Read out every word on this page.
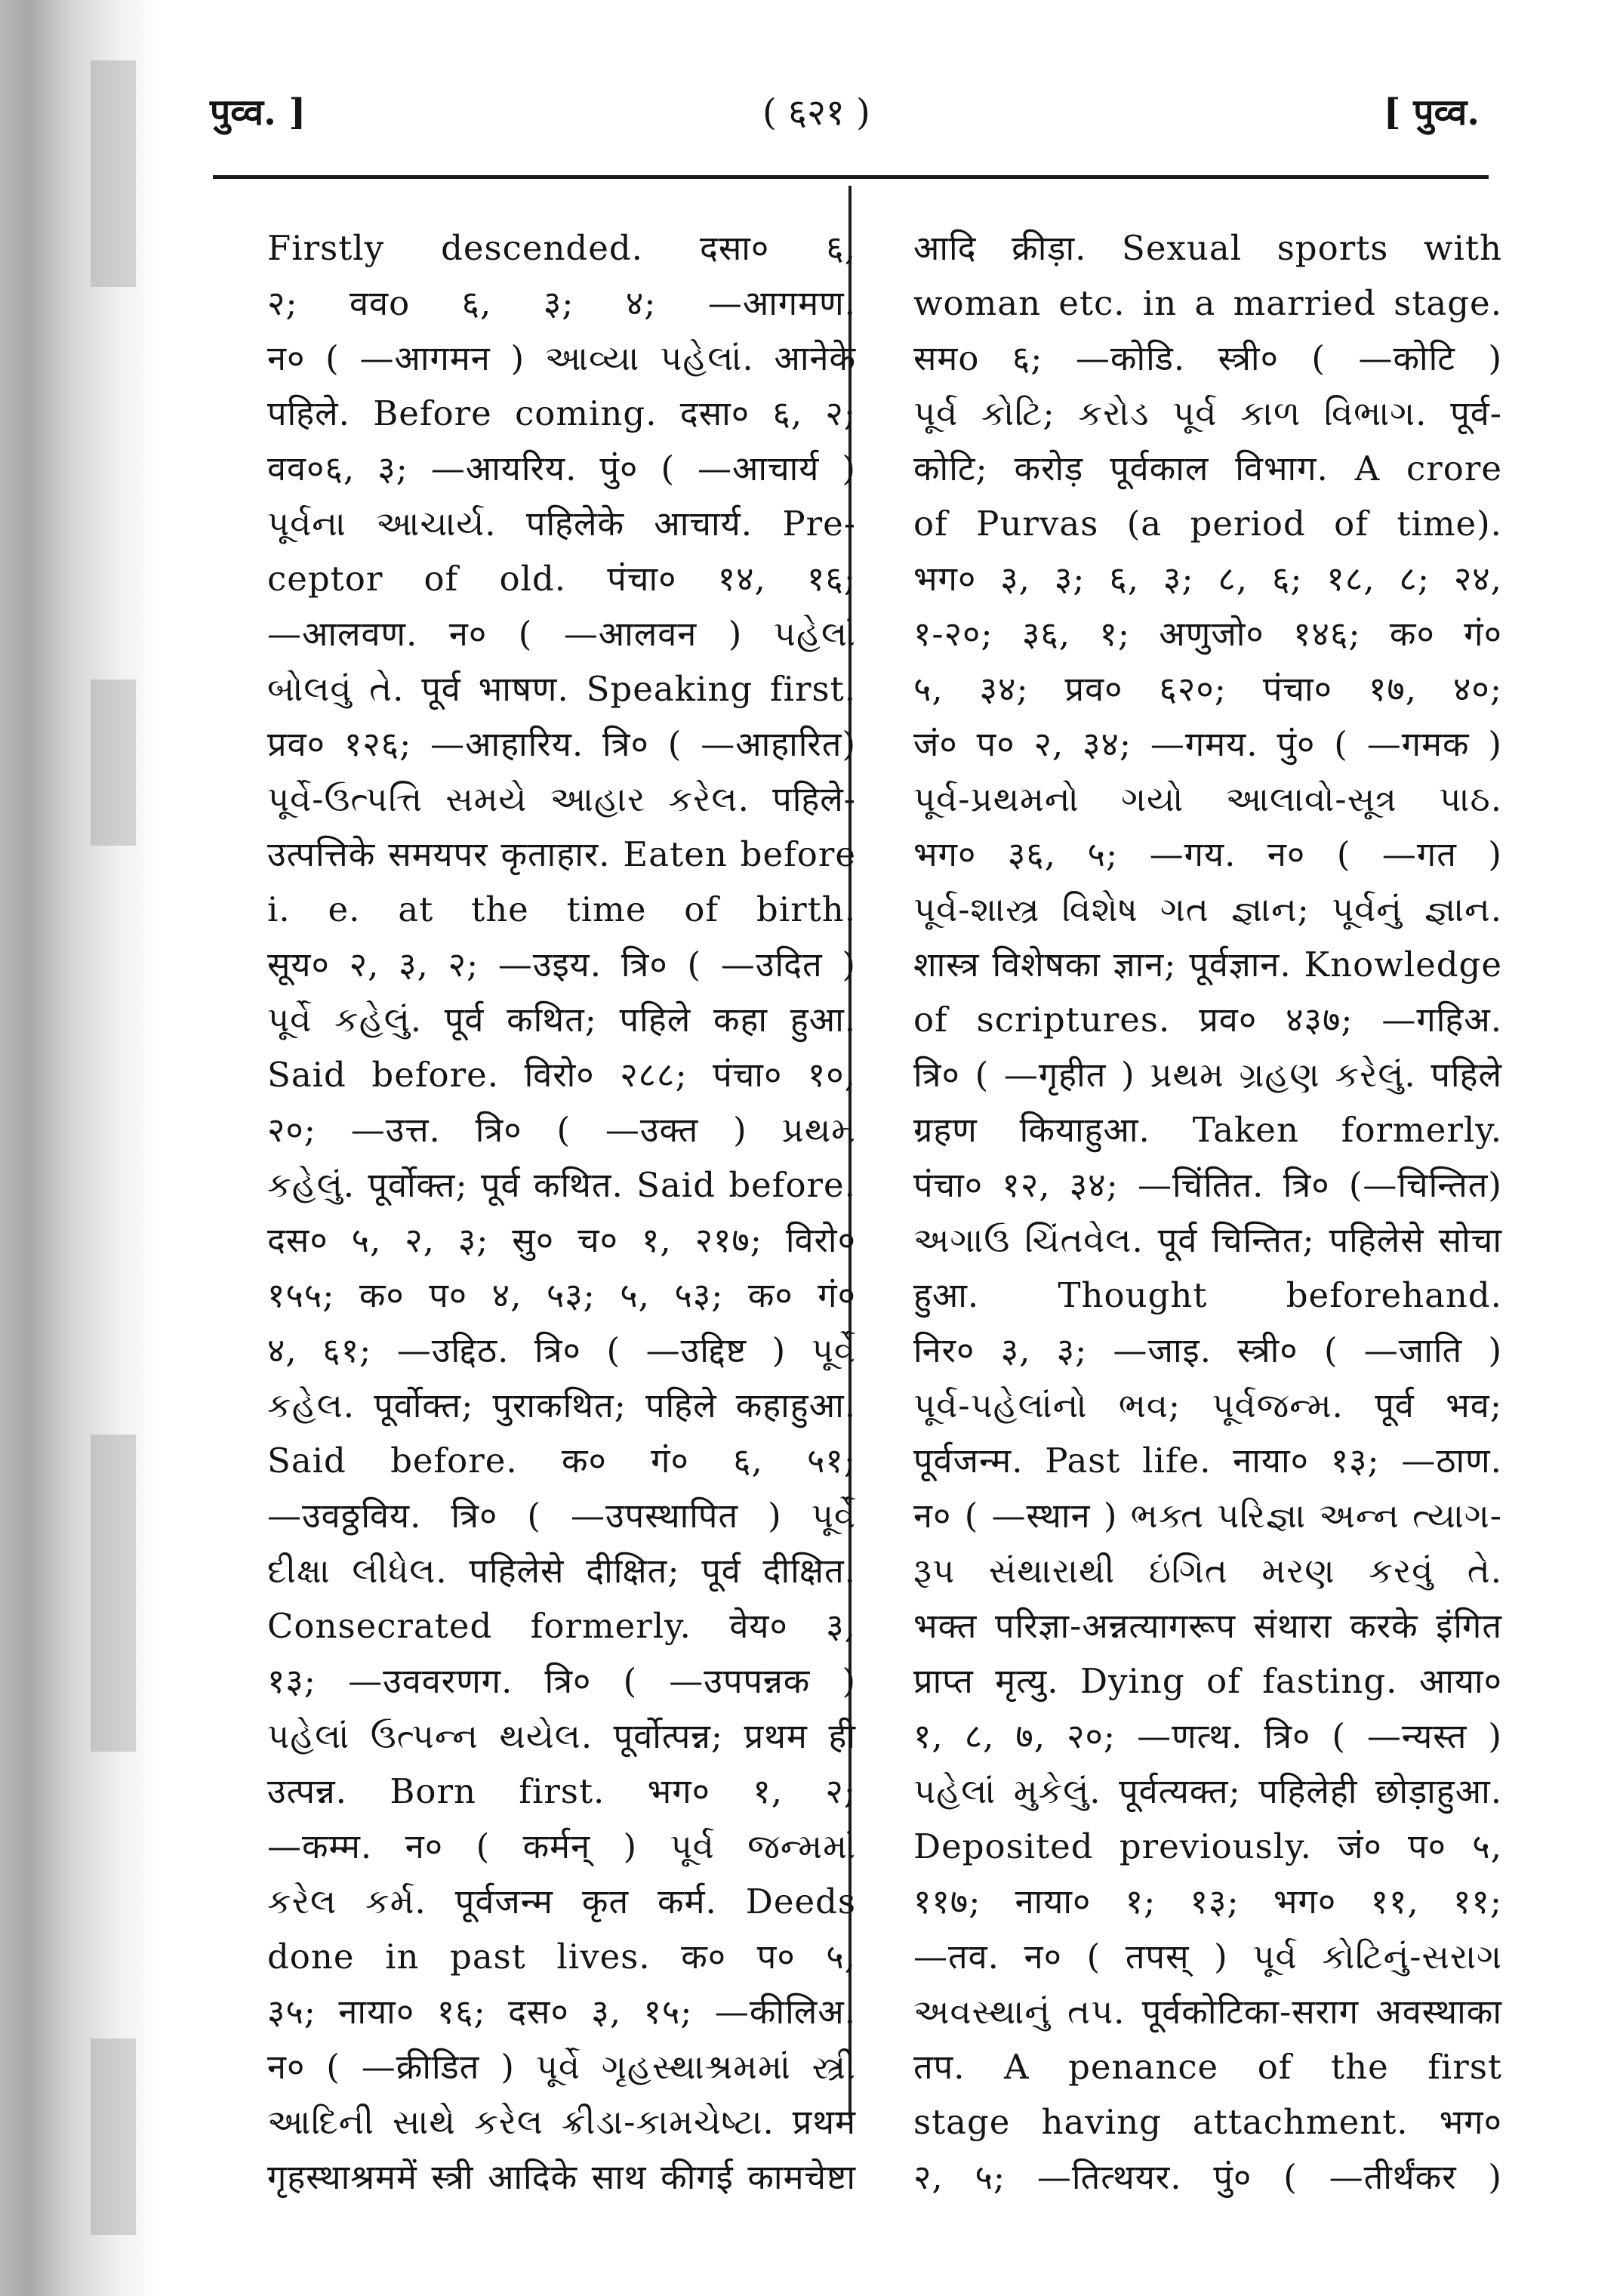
पुव्व. ]	( ६२१ )	[ पुव्व.
Firstly descended. दसा० ६,
२; ववo ६, ३; ४; —आगमण.
न० ( —आगमन ) આવ્યા પહેલાં. आनेके
पहिले. Before coming. दसा० ६, २;
वव०६, ३; —आयरिय. पुं० ( —आचार्य )
પૂર્વના આચાર્ય. पहिलेके आचार्य. Pre-
ceptor of old. पंचा० १४, १६;
—आलवण. न० ( —आलवन ) પહેલાં
બોલવું તે. पूर्व भाषण. Speaking first.
प्रव० १२६; —आहारिय. त्रि० ( —आहारित)
પૂર્વે-ઉત્પત્તિ સમયે આહાર કરેલ. पहिले-
उत्पत्तिके समयपर कृताहार. Eaten before
i. e. at the time of birth.
सूय० २, ३, २; —उइय. त्रि० ( —उदित )
પૂર્વે કહેલું. पूर्व कथित; पहिले कहा हुआ.
Said before. विरो० २८८; पंचा० १०,
२०; —उत्त. त्रि० ( —उक्त ) પ્રથમ
કહેલું. पूर्वोक्त; पूर्व कथित. Said before.
दस० ५, २, ३; सु० च० १, २१७; विरो०
१५५; क० प० ४, ५३; ५, ५३; क० गं०
४, ६१; —उद्दिठ. त्रि० ( —उद्दिष्ट ) પૂર્વે
કહેલ. पूर्वोक्त; पुराकथित; पहिले कहाहुआ.
Said before. क० गं० ६, ५१;
—उवठ्ठविय. त्रि० ( —उपस्थापित ) પૂર્વે
દીક્ષા લીધેલ. पहिलेसे दीक्षित; पूर्व दीक्षित.
Consecrated formerly. वेय० ३,
१३; —उववरणग. त्रि० ( —उपपन्नक )
પહેલાં ઉત્પન્ન થયેલ. पूर्वोत्पन्न; प्रथम ही
उत्पन्न. Born first. भग० १, २;
—कम्म. न० ( कर्मन् ) પૂર્વ જન્મમાં
કરેલ કર્મ. पूर्वजन्म कृत कर्म. Deeds
done in past lives. क० प० ५,
३५; नाया० १६; दस० ३, १५; —कीलिअ.
न० ( —क्रीडित ) પૂર્વે ગૃહસ્થાશ્રમમાં સ્ત્રી
આદિની સાથે કરેલ ક્રીડા-કામચેષ્ટા. प्रथम
गृहस्थाश्रममें स्त्री आदिके साथ कीगई कामचेष्टा
आदि क्रीड़ा. Sexual sports with
woman etc. in a married stage.
समo ६; —कोडि. स्त्री० ( —कोटि )
પૂર્વ કોટિ; કરોડ પૂર્વ કાળ વિભાગ. पूर्व-
कोटि; करोड़ पूर्वकाल विभाग. A crore
of Purvas (a period of time).
भग० ३, ३; ६, ३; ८, ६; १८, ८; २४,
१-२०; ३६, १; अणुजो० १४६; क० गं०
५, ३४; प्रव० ६२०; पंचा० १७, ४०;
जं० प० २, ३४; —गमय. पुं० ( —गमक )
પૂર્વ-પ્રથમનો ગયો આલાવો-સૂત્ર પાઠ.
भग० ३६, ५; —गय. न० ( —गत )
પૂર્વ-શાસ્ત્ર વિશેષ ગત જ્ઞાન; પૂર્વનું જ્ઞાન.
शास्त्र विशेषका ज्ञान; पूर्वज्ञान. Knowledge
of scriptures. प्रव० ४३७; —गहिअ.
त्रि० ( —गृहीत ) પ્રથમ ગ્રહણ કરેલું. पहिले
ग्रहण कियाहुआ. Taken formerly.
पंचा० १२, ३४; —चिंतित. त्रि० (—चिन्तित)
અગાઉ ચિંતવેલ. पूर्व चिन्तित; पहिलेसे सोचा
हुआ. Thought beforehand.
निर० ३, ३; —जाइ. स्त्री० ( —जाति )
પૂર્વ-પહેલાંનો ભવ; પૂર્વજન્મ. पूर्व भव;
पूर्वजन्म. Past life. नाया० १३; —ठाण.
न० ( —स्थान ) ભક્ત પરિજ્ઞા અન્ન ત્યાગ-
રૂપ સંથારાથી ઇંગિત મરણ કરવું તે.
भक्त परिज्ञा-अन्नत्यागरूप संथारा करके इंगित
प्राप्त मृत्यु. Dying of fasting. आया०
१, ८, ७, २०; —णत्थ. त्रि० ( —न्यस्त )
પહેલાં મુકેલું. पूर्वत्यक्त; पहिलेही छोड़ाहुआ.
Deposited previously. जं० प० ५,
११७; नाया० १; १३; भग० ११, ११;
—तव. न० ( तपस् ) પૂર્વ કોટિનું-સરાગ
અવસ્થાનું તપ. पूर्वकोटिका-सराग अवस्थाका
तप. A penance of the first
stage having attachment. भग०
२, ५; —तित्थयर. पुं० ( —तीर्थंकर )
